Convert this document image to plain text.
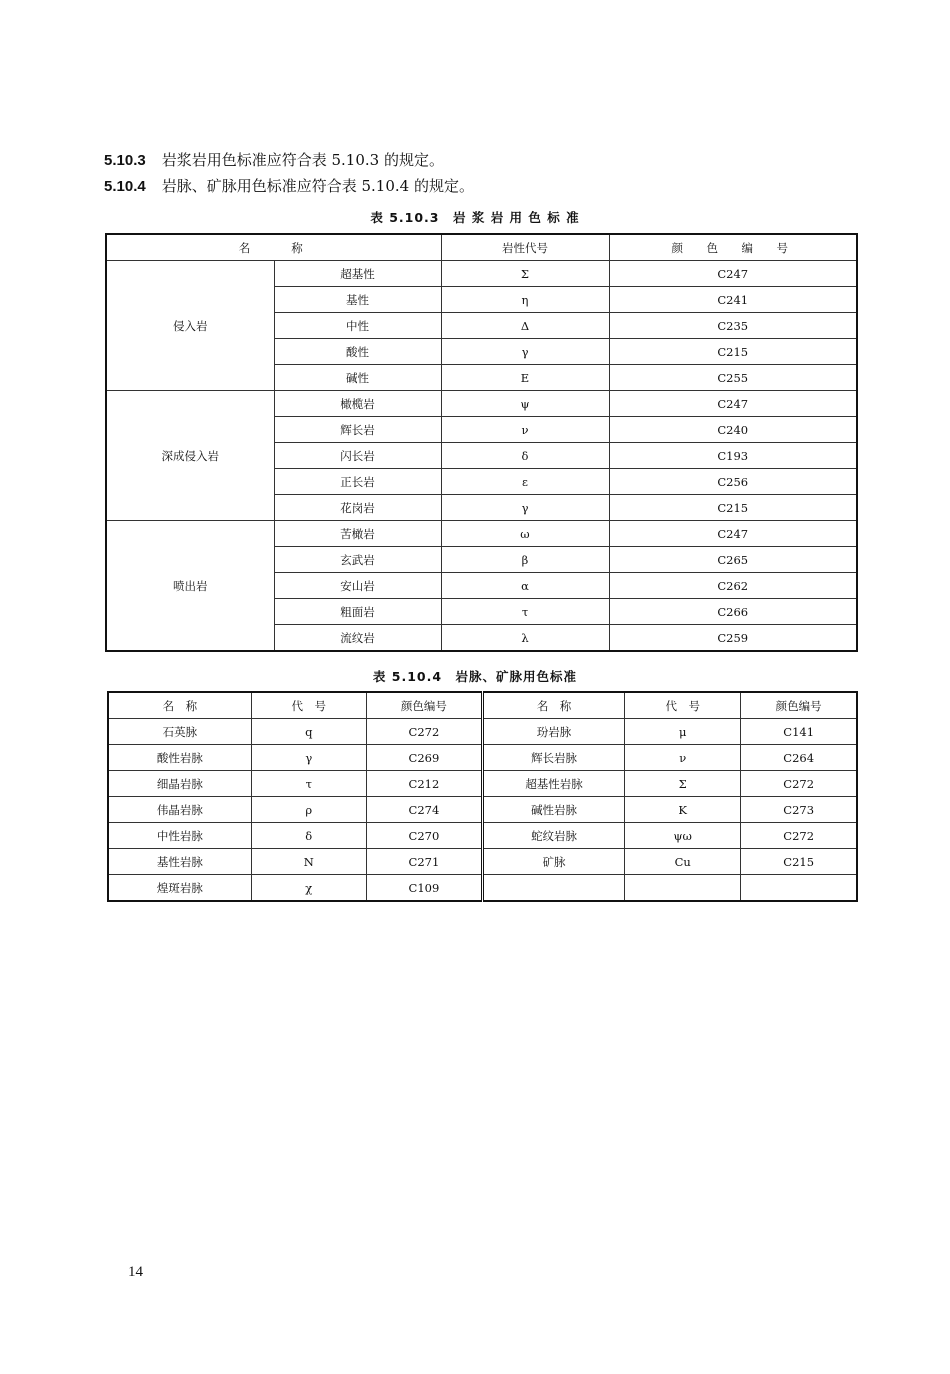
5.10.3 岩浆岩用色标准应符合表 5.10.3 的规定。
5.10.4 岩脉、矿脉用色标准应符合表 5.10.4 的规定。
表 5.10.3　岩 浆 岩 用 色 标 准
名　　称		岩性代号	颜　色　编　号
侵入岩	超基性	Σ	C247
	基性	η	C241
	中性	Δ	C235
	酸性	γ	C215
	碱性	E	C255
深成侵入岩	橄榄岩	ψ	C247
	辉长岩	ν	C240
	闪长岩	δ	C193
	正长岩	ε	C256
	花岗岩	γ	C215
喷出岩	苦橄岩	ω	C247
	玄武岩	β	C265
	安山岩	α	C262
	粗面岩	τ	C266
	流纹岩	λ	C259
表 5.10.4　岩脉、矿脉用色标准
名　称	代　号	颜色编号	名　称	代　号	颜色编号
石英脉	q	C272	玢岩脉	μ	C141
酸性岩脉	γ	C269	辉长岩脉	ν	C264
细晶岩脉	τ	C212	超基性岩脉	Σ	C272
伟晶岩脉	ρ	C274	碱性岩脉	K	C273
中性岩脉	δ	C270	蛇纹岩脉	ψω	C272
基性岩脉	N	C271	矿脉	Cu	C215
煌斑岩脉	χ	C109			
14
